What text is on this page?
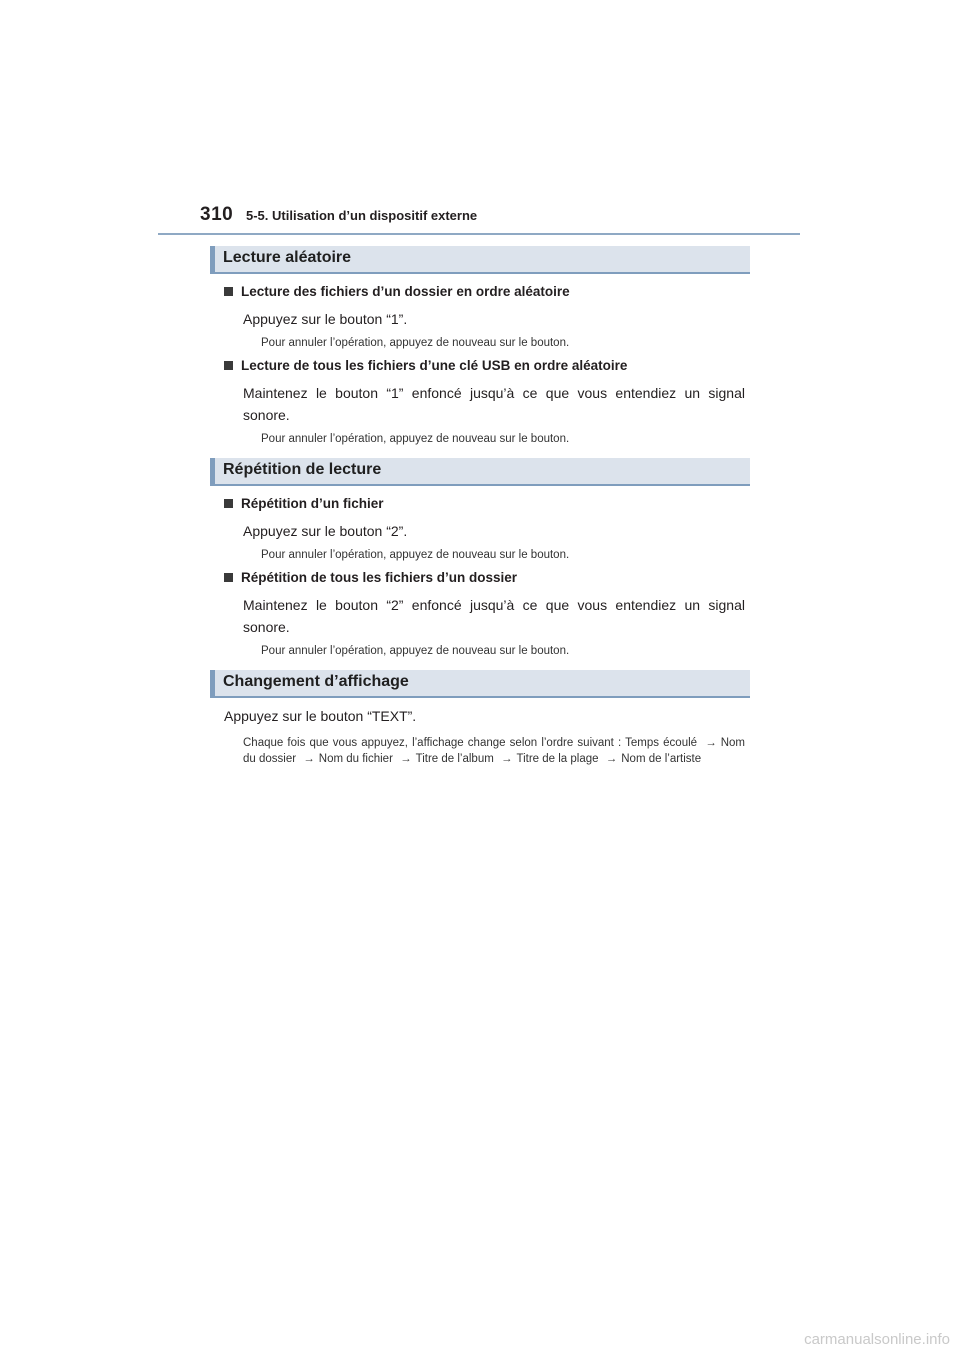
310 5-5. Utilisation d’un dispositif externe
Lecture aléatoire
Lecture des fichiers d’un dossier en ordre aléatoire
Appuyez sur le bouton “1”.
Pour annuler l’opération, appuyez de nouveau sur le bouton.
Lecture de tous les fichiers d’une clé USB en ordre aléatoire
Maintenez le bouton “1” enfoncé jusqu’à ce que vous entendiez un signal sonore.
Pour annuler l’opération, appuyez de nouveau sur le bouton.
Répétition de lecture
Répétition d’un fichier
Appuyez sur le bouton “2”.
Pour annuler l’opération, appuyez de nouveau sur le bouton.
Répétition de tous les fichiers d’un dossier
Maintenez le bouton “2” enfoncé jusqu’à ce que vous entendiez un signal sonore.
Pour annuler l’opération, appuyez de nouveau sur le bouton.
Changement d’affichage
Appuyez sur le bouton “TEXT”.
Chaque fois que vous appuyez, l’affichage change selon l’ordre suivant : Temps écoulé → Nom du dossier → Nom du fichier → Titre de l’album → Titre de la plage → Nom de l’artiste
carmanualsonline.info
